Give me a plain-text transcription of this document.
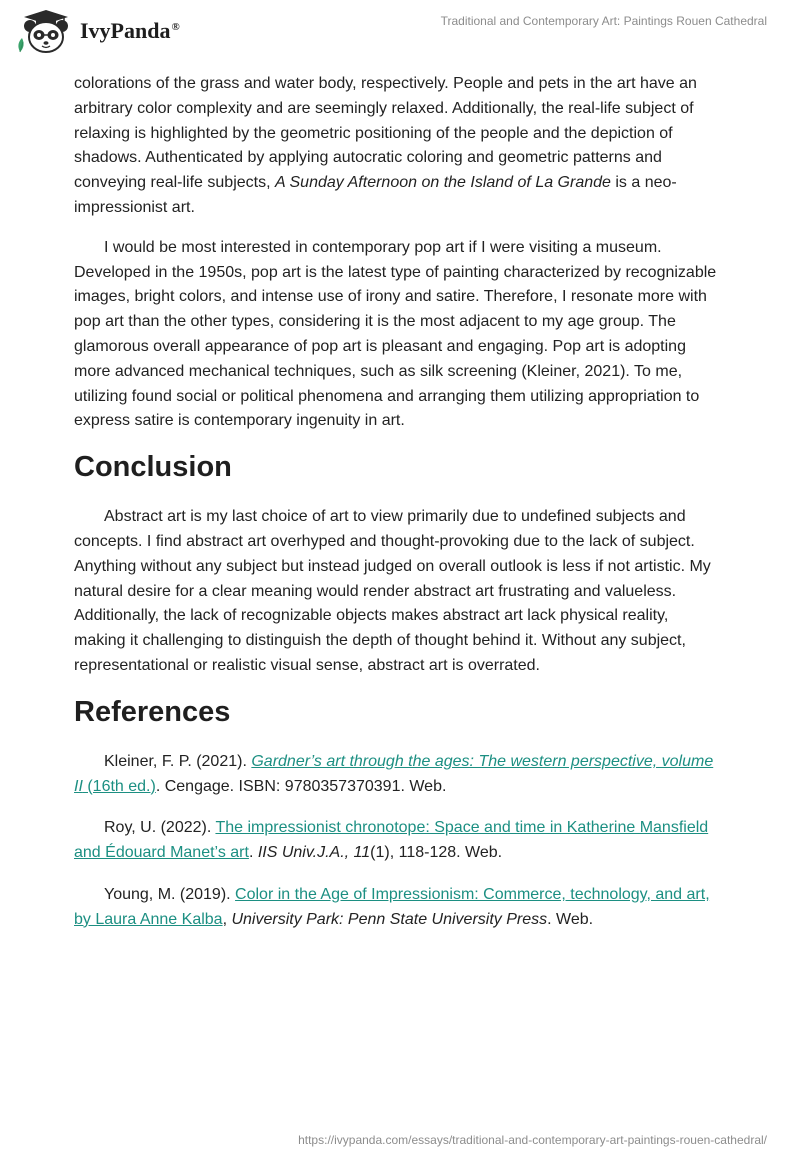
IvyPanda®	Traditional and Contemporary Art: Paintings Rouen Cathedral

colorations of the grass and water body, respectively. People and pets in the art have an arbitrary color complexity and are seemingly relaxed. Additionally, the real-life subject of relaxing is highlighted by the geometric positioning of the people and the depiction of shadows. Authenticated by applying autocratic coloring and geometric patterns and conveying real-life subjects, A Sunday Afternoon on the Island of La Grande is a neo-impressionist art.

I would be most interested in contemporary pop art if I were visiting a museum. Developed in the 1950s, pop art is the latest type of painting characterized by recognizable images, bright colors, and intense use of irony and satire. Therefore, I resonate more with pop art than the other types, considering it is the most adjacent to my age group. The glamorous overall appearance of pop art is pleasant and engaging. Pop art is adopting more advanced mechanical techniques, such as silk screening (Kleiner, 2021). To me, utilizing found social or political phenomena and arranging them utilizing appropriation to express satire is contemporary ingenuity in art.

Conclusion

Abstract art is my last choice of art to view primarily due to undefined subjects and concepts. I find abstract art overhyped and thought-provoking due to the lack of subject. Anything without any subject but instead judged on overall outlook is less if not artistic. My natural desire for a clear meaning would render abstract art frustrating and valueless. Additionally, the lack of recognizable objects makes abstract art lack physical reality, making it challenging to distinguish the depth of thought behind it. Without any subject, representational or realistic visual sense, abstract art is overrated.

References

Kleiner, F. P. (2021). Gardner’s art through the ages: The western perspective, volume II (16th ed.). Cengage. ISBN: 9780357370391. Web.

Roy, U. (2022). The impressionist chronotope: Space and time in Katherine Mansfield and Édouard Manet’s art. IIS Univ.J.A., 11(1), 118-128. Web.

Young, M. (2019). Color in the Age of Impressionism: Commerce, technology, and art, by Laura Anne Kalba, University Park: Penn State University Press. Web.

https://ivypanda.com/essays/traditional-and-contemporary-art-paintings-rouen-cathedral/
